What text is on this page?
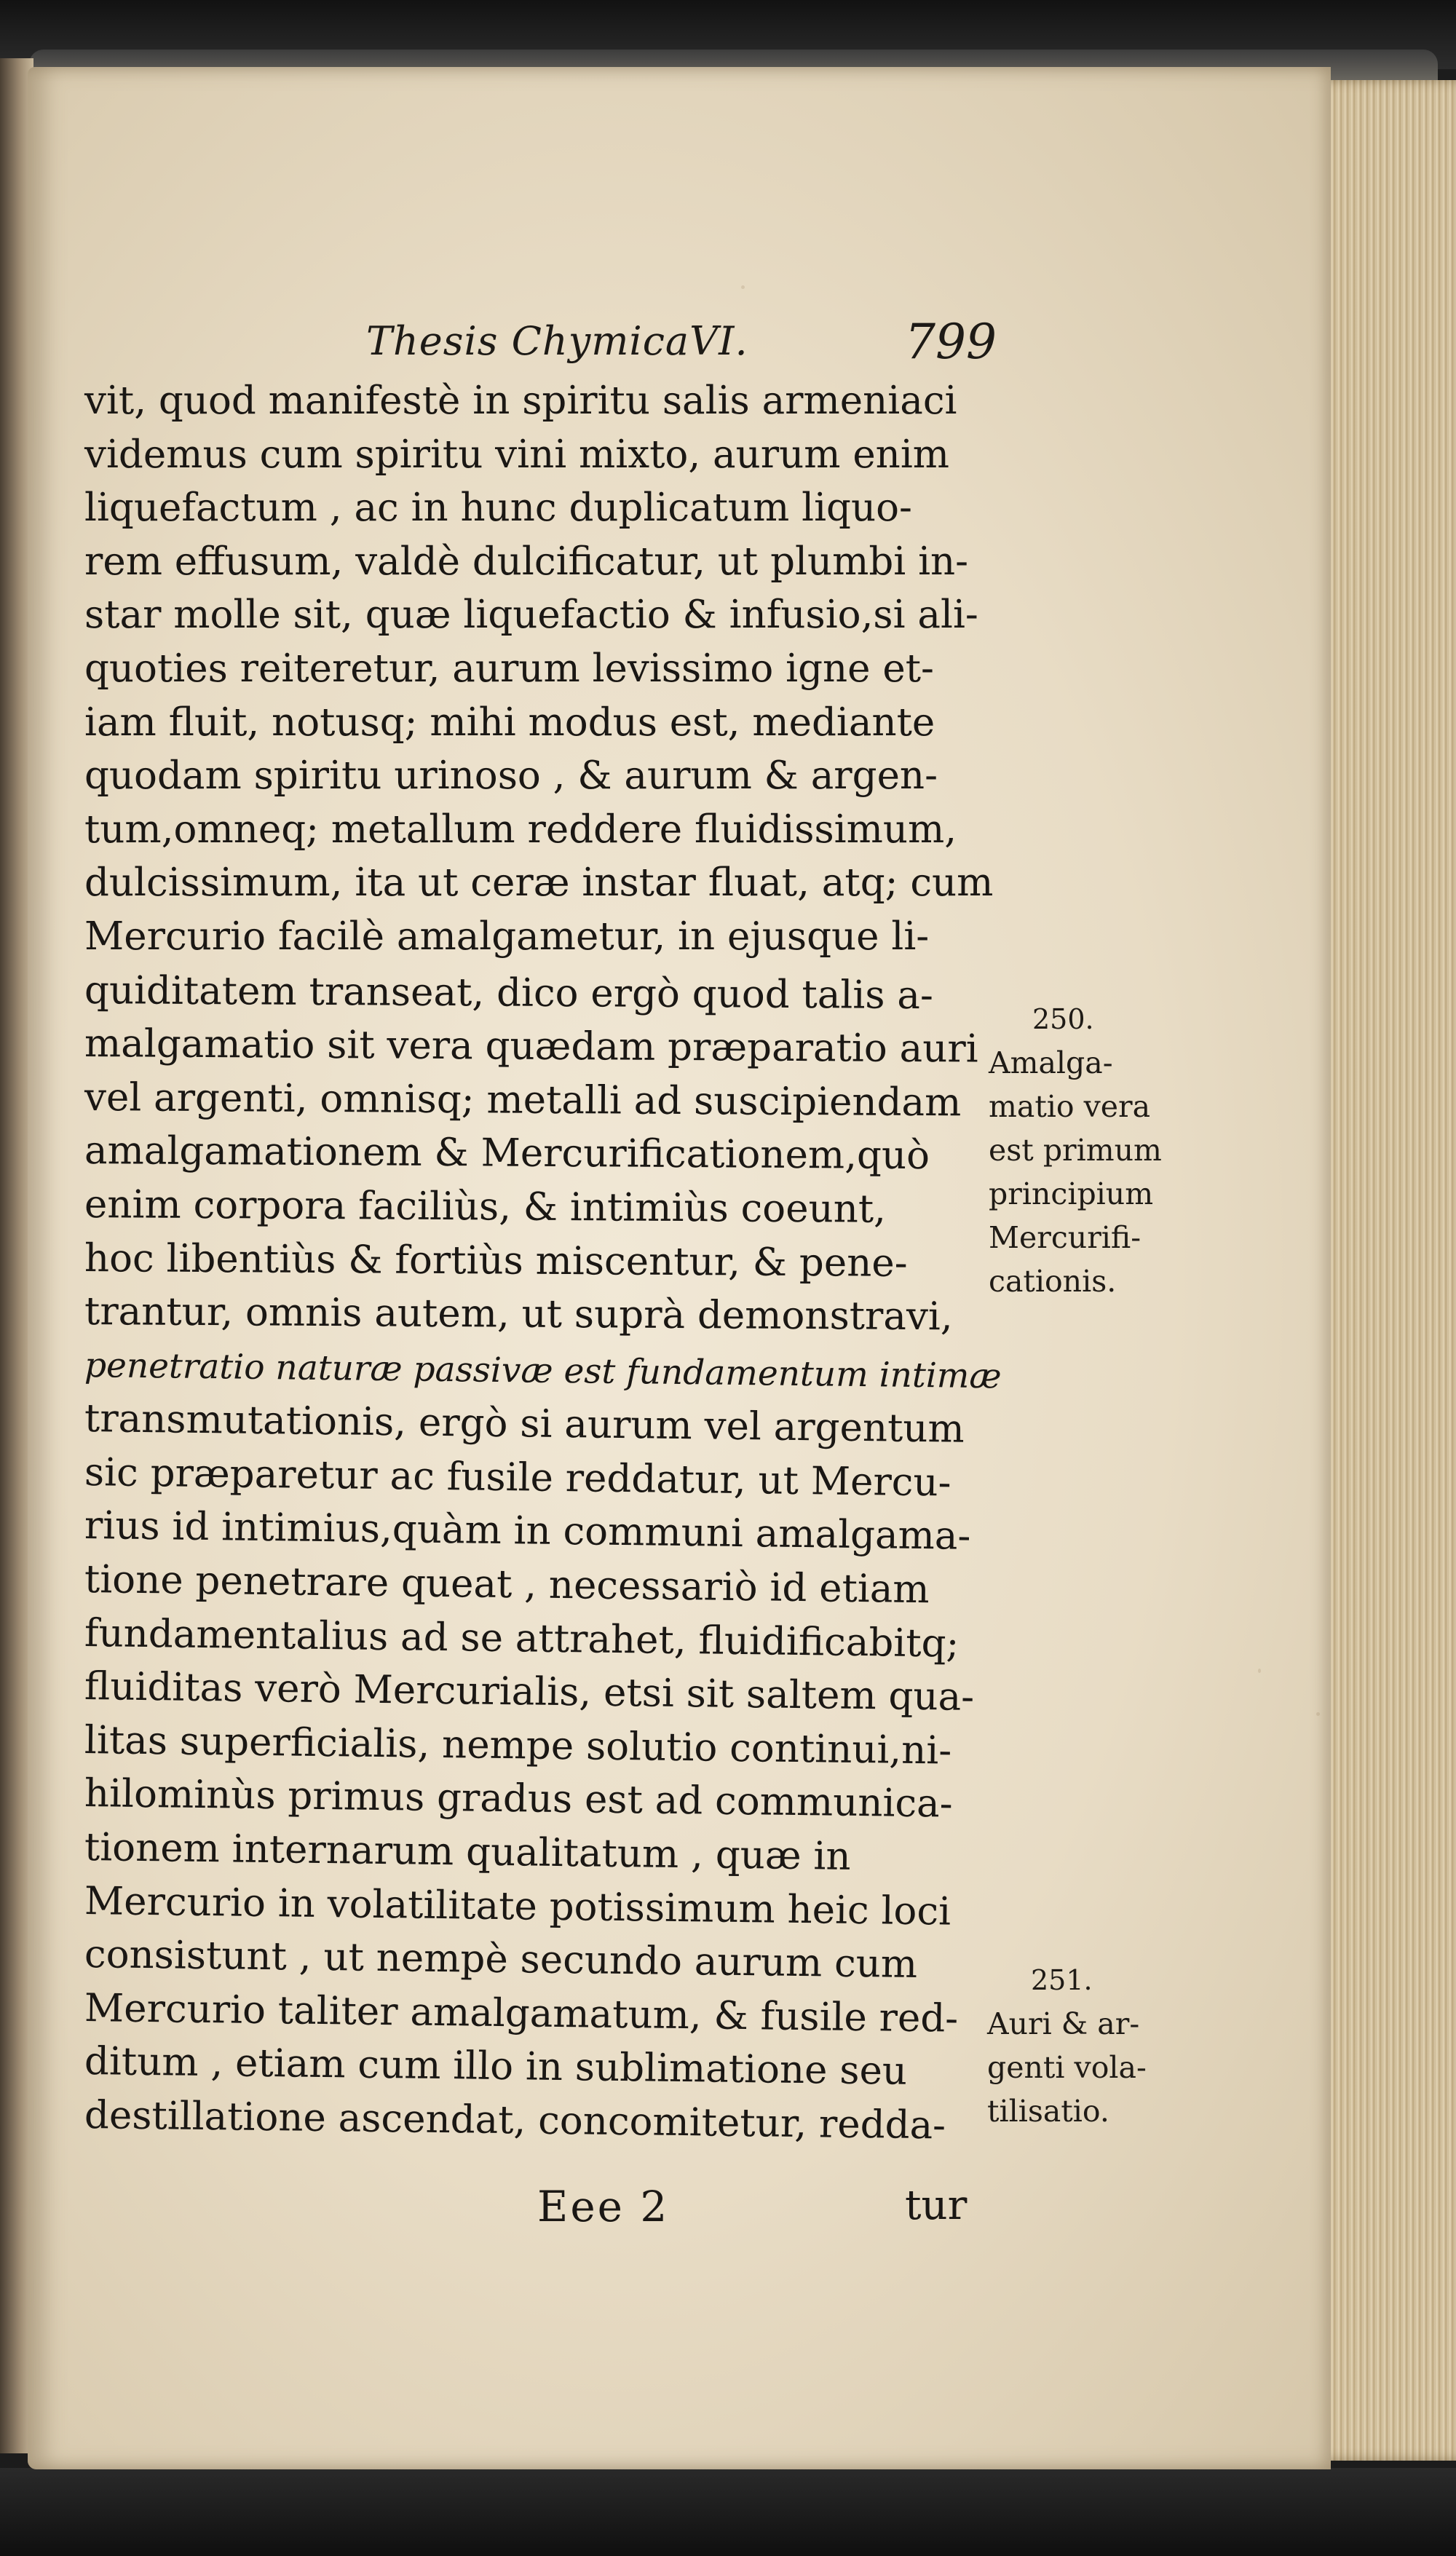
Thesis ChymicaVI.	799
vit, quod manifestè in spiritu salis armeniaci
videmus cum spiritu vini mixto, aurum enim
liquefactum , ac in hunc duplicatum liquo-
rem effusum, valdè dulcificatur, ut plumbi in-
star molle sit, quæ liquefactio & infusio,si ali-
quoties reiteretur, aurum levissimo igne et-
iam fluit, notusq; mihi modus est, mediante
quodam spiritu urinoso , & aurum & argen-
tum,omneq; metallum reddere fluidissimum,
dulcissimum, ita ut ceræ instar fluat, atq; cum
Mercurio facilè amalgametur, in ejusque li-
quiditatem transeat, dico ergò quod talis a-
malgamatio sit vera quædam præparatio auri
vel argenti, omnisq; metalli ad suscipiendam
amalgamationem & Mercurificationem,quò
enim corpora faciliùs, & intimiùs coeunt,
hoc libentiùs & fortiùs miscentur, & pene-
trantur, omnis autem, ut suprà demonstravi,
penetratio naturæ passivæ est fundamentum intimæ
transmutationis, ergò si aurum vel argentum
sic præparetur ac fusile reddatur, ut Mercu-
rius id intimius,quàm in communi amalgama-
tione penetrare queat , necessariò id etiam
fundamentalius ad se attrahet, fluidificabitq;
fluiditas verò Mercurialis, etsi sit saltem qua-
litas superficialis, nempe solutio continui,ni-
hilominùs primus gradus est ad communica-
tionem internarum qualitatum , quæ in
Mercurio in volatilitate potissimum heic loci
consistunt , ut nempè secundo aurum cum
Mercurio taliter amalgamatum, & fusile red-
ditum , etiam cum illo in sublimatione seu
destillatione ascendat, concomitetur, redda-
250.
Amalga-
matio vera
est primum
principium
Mercurifi-
cationis.
251.
Auri & ar-
genti vola-
tilisatio.
Eee 2	tur
